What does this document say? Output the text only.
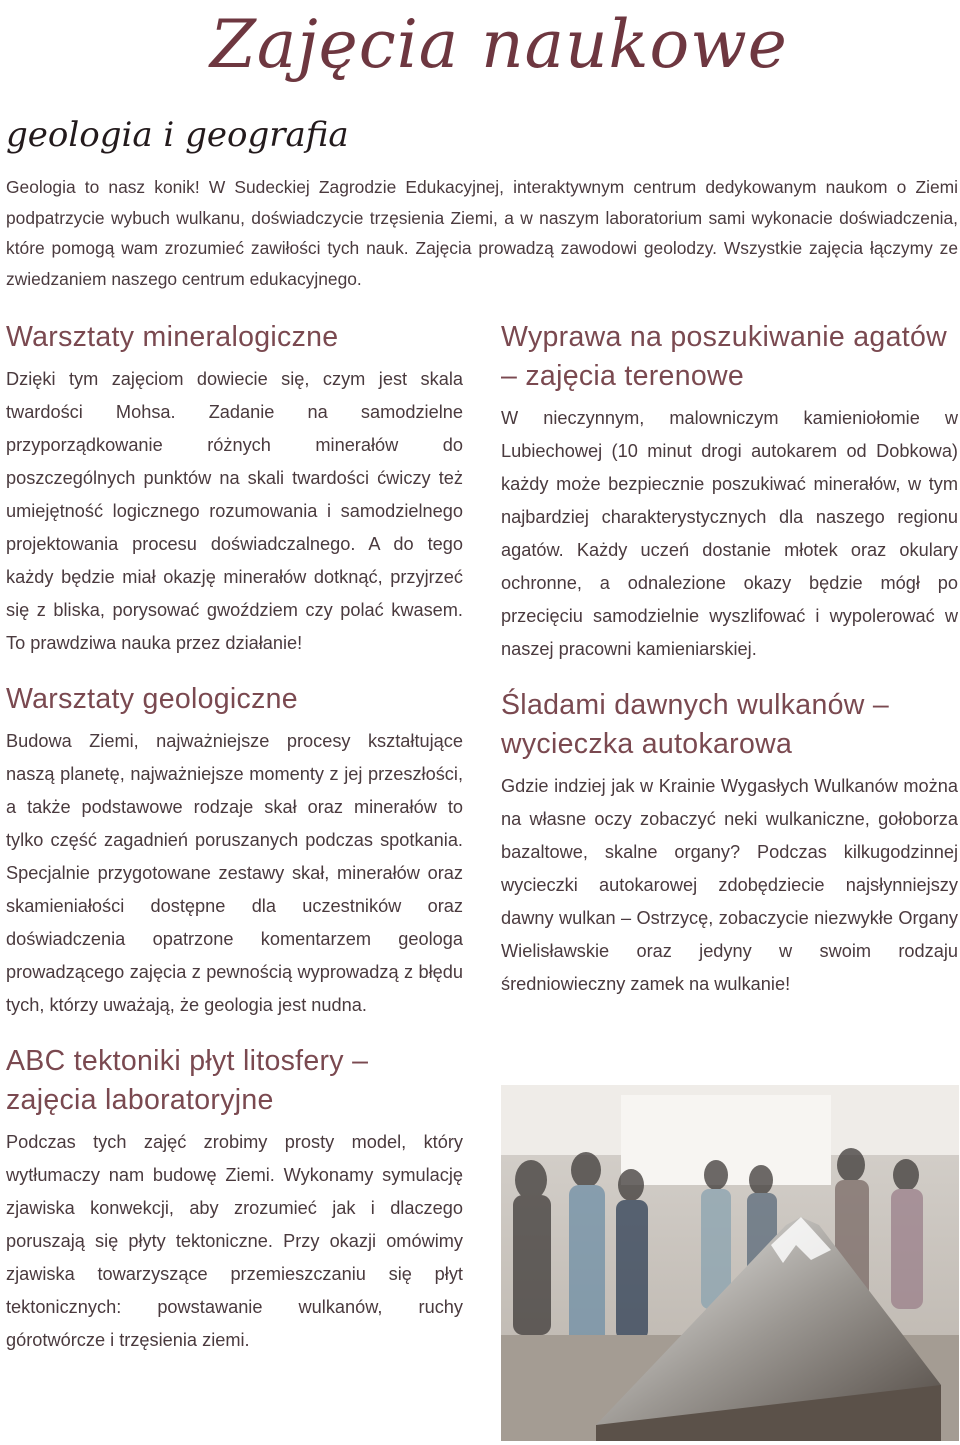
Zajęcia naukowe
geologia i geografia
Geologia to nasz konik! W Sudeckiej Zagrodzie Edukacyjnej, interaktywnym centrum dedykowanym naukom o Ziemi podpatrzycie wybuch wulkanu, doświadczycie trzęsienia Ziemi, a w naszym laboratorium sami wykonacie doświadczenia, które pomogą wam zrozumieć zawiłości tych nauk. Zajęcia prowadzą zawodowi geolodzy. Wszystkie zajęcia łączymy ze zwiedzaniem naszego centrum edukacyjnego.
Warsztaty mineralogiczne

Dzięki tym zajęciom dowiecie się, czym jest skala twardości Mohsa. Zadanie na samodzielne przyporządkowanie różnych minerałów do poszczególnych punktów na skali twardości ćwiczy też umiejętność logicznego rozumowania i samodzielnego projektowania procesu doświadczalnego. A do tego każdy będzie miał okazję minerałów dotknąć, przyjrzeć się z bliska, porysować gwoździem czy polać kwasem. To prawdziwa nauka przez działanie!

Warsztaty geologiczne

Budowa Ziemi, najważniejsze procesy kształtujące naszą planetę, najważniejsze momenty z jej przeszłości, a także podstawowe rodzaje skał oraz minerałów to tylko część zagadnień poruszanych podczas spotkania. Specjalnie przygotowane zestawy skał, minerałów oraz skamieniałości dostępne dla uczestników oraz doświadczenia opatrzone komentarzem geologa prowadzącego zajęcia z pewnością wyprowadzą z błędu tych, którzy uważają, że geologia jest nudna.

ABC tektoniki płyt litosfery – zajęcia laboratoryjne

Podczas tych zajęć zrobimy prosty model, który wytłumaczy nam budowę Ziemi. Wykonamy symulację zjawiska konwekcji, aby zrozumieć jak i dlaczego poruszają się płyty tektoniczne. Przy okazji omówimy zjawiska towarzyszące przemieszczaniu się płyt tektonicznych: powstawanie wulkanów, ruchy górotwórcze i trzęsienia ziemi.

Wyprawa na poszukiwanie agatów – zajęcia terenowe

W nieczynnym, malowniczym kamieniołomie w Lubiechowej (10 minut drogi autokarem od Dobkowa) każdy może bezpiecznie poszukiwać minerałów, w tym najbardziej charakterystycznych dla naszego regionu agatów. Każdy uczeń dostanie młotek oraz okulary ochronne, a odnalezione okazy będzie mógł po przecięciu samodzielnie wyszlifować i wypolerować w naszej pracowni kamieniarskiej.

Śladami dawnych wulkanów – wycieczka autokarowa

Gdzie indziej jak w Krainie Wygasłych Wulkanów można na własne oczy zobaczyć neki wulkaniczne, gołoborza bazaltowe, skalne organy? Podczas kilkugodzinnej wycieczki autokarowej zdobędziecie najsłynniejszy dawny wulkan – Ostrzycę, zobaczycie niezwykłe Organy Wielisławskie oraz jedyny w swoim rodzaju średniowieczny zamek na wulkanie!
